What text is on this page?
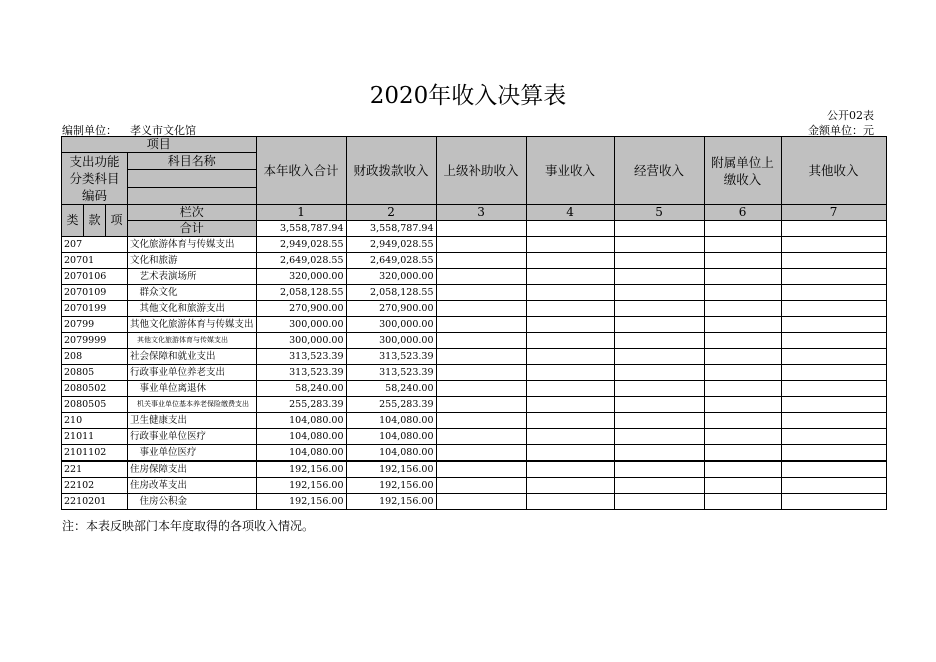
2020年收入决算表
公开02表
编制单位： 孝义市文化馆	金额单位：元
项目				本年收入合计	财政拨款收入	上级补助收入	事业收入	经营收入	附属单位上缴收入	其他收入
支出功能分类科目编码			科目名称							

类	款	项	栏次	1	2	3	4	5	6	7
			合计	3,558,787.94	3,558,787.94					
207			文化旅游体育与传媒支出	2,949,028.55	2,949,028.55					
20701			文化和旅游	2,649,028.55	2,649,028.55					
2070106			　艺术表演场所	320,000.00	320,000.00					
2070109			　群众文化	2,058,128.55	2,058,128.55					
2070199			　其他文化和旅游支出	270,900.00	270,900.00					
20799			其他文化旅游体育与传媒支出	300,000.00	300,000.00					
2079999			　其他文化旅游体育与传媒支出	300,000.00	300,000.00					
208			社会保障和就业支出	313,523.39	313,523.39					
20805			行政事业单位养老支出	313,523.39	313,523.39					
2080502			　事业单位离退休	58,240.00	58,240.00					
2080505			　机关事业单位基本养老保险缴费支出	255,283.39	255,283.39					
210			卫生健康支出	104,080.00	104,080.00					
21011			行政事业单位医疗	104,080.00	104,080.00					
2101102			　事业单位医疗	104,080.00	104,080.00					
221			住房保障支出	192,156.00	192,156.00					
22102			住房改革支出	192,156.00	192,156.00					
2210201			　住房公积金	192,156.00	192,156.00					
注：本表反映部门本年度取得的各项收入情况。
